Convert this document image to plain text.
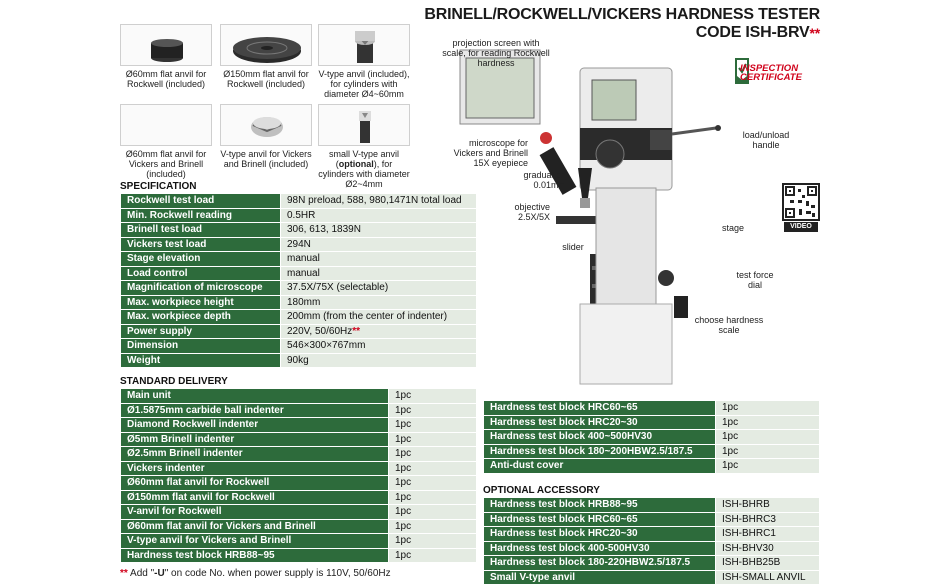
BRINELL/ROCKWELL/VICKERS HARDNESS TESTER
CODE ISH-BRV**
Ø60mm flat anvil for Rockwell (included)
Ø150mm flat anvil for Rockwell (included)
V-type anvil (included), for cylinders with diameter Ø4~60mm
Ø60mm flat anvil for Vickers and Brinell (included)
V-type anvil for Vickers and Brinell (included)
small V-type anvil (optional), for cylinders with diameter Ø2~4mm
SPECIFICATION
Rockwell test load	98N preload, 588, 980,1471N total load
Min. Rockwell reading	0.5HR
Brinell test load	306, 613, 1839N
Vickers test load	294N
Stage elevation	manual
Load control	manual
Magnification of microscope	37.5X/75X (selectable)
Max. workpiece height	180mm
Max. workpiece depth	200mm (from the center of indenter)
Power supply	220V, 50/60Hz**
Dimension	546×300×767mm
Weight	90kg
STANDARD DELIVERY
Main unit	1pc
Ø1.5875mm carbide ball indenter	1pc
Diamond Rockwell indenter	1pc
Ø5mm Brinell indenter	1pc
Ø2.5mm Brinell indenter	1pc
Vickers indenter	1pc
Ø60mm flat anvil for Rockwell	1pc
Ø150mm flat anvil for Rockwell	1pc
V-anvil for Rockwell	1pc
Ø60mm flat anvil for Vickers and Brinell	1pc
V-type anvil for Vickers and Brinell	1pc
Hardness test block HRB88~95	1pc
Hardness test block HRC60~65	1pc
Hardness test block HRC20~30	1pc
Hardness test block 400~500HV30	1pc
Hardness test block 180~200HBW2.5/187.5	1pc
Anti-dust cover	1pc
OPTIONAL ACCESSORY
Hardness test block HRB88~95	ISH-BHRB
Hardness test block HRC60~65	ISH-BHRC3
Hardness test block HRC20~30	ISH-BHRC1
Hardness test block 400-500HV30	ISH-BHV30
Hardness test block 180-220HBW2.5/187.5	ISH-BHB25B
Small V-type anvil	ISH-SMALL ANVIL
projection screen with scale, for reading Rockwell hardness
microscope for Vickers and Brinell 15X eyepiece
graduation 0.01mm
objective 2.5X/5X
slider
stage
load/unload handle
test force dial
choose hardness scale
INSPECTION
CERTIFICATE
VIDEO
** Add "-U" on code No. when power supply is 110V, 50/60Hz
